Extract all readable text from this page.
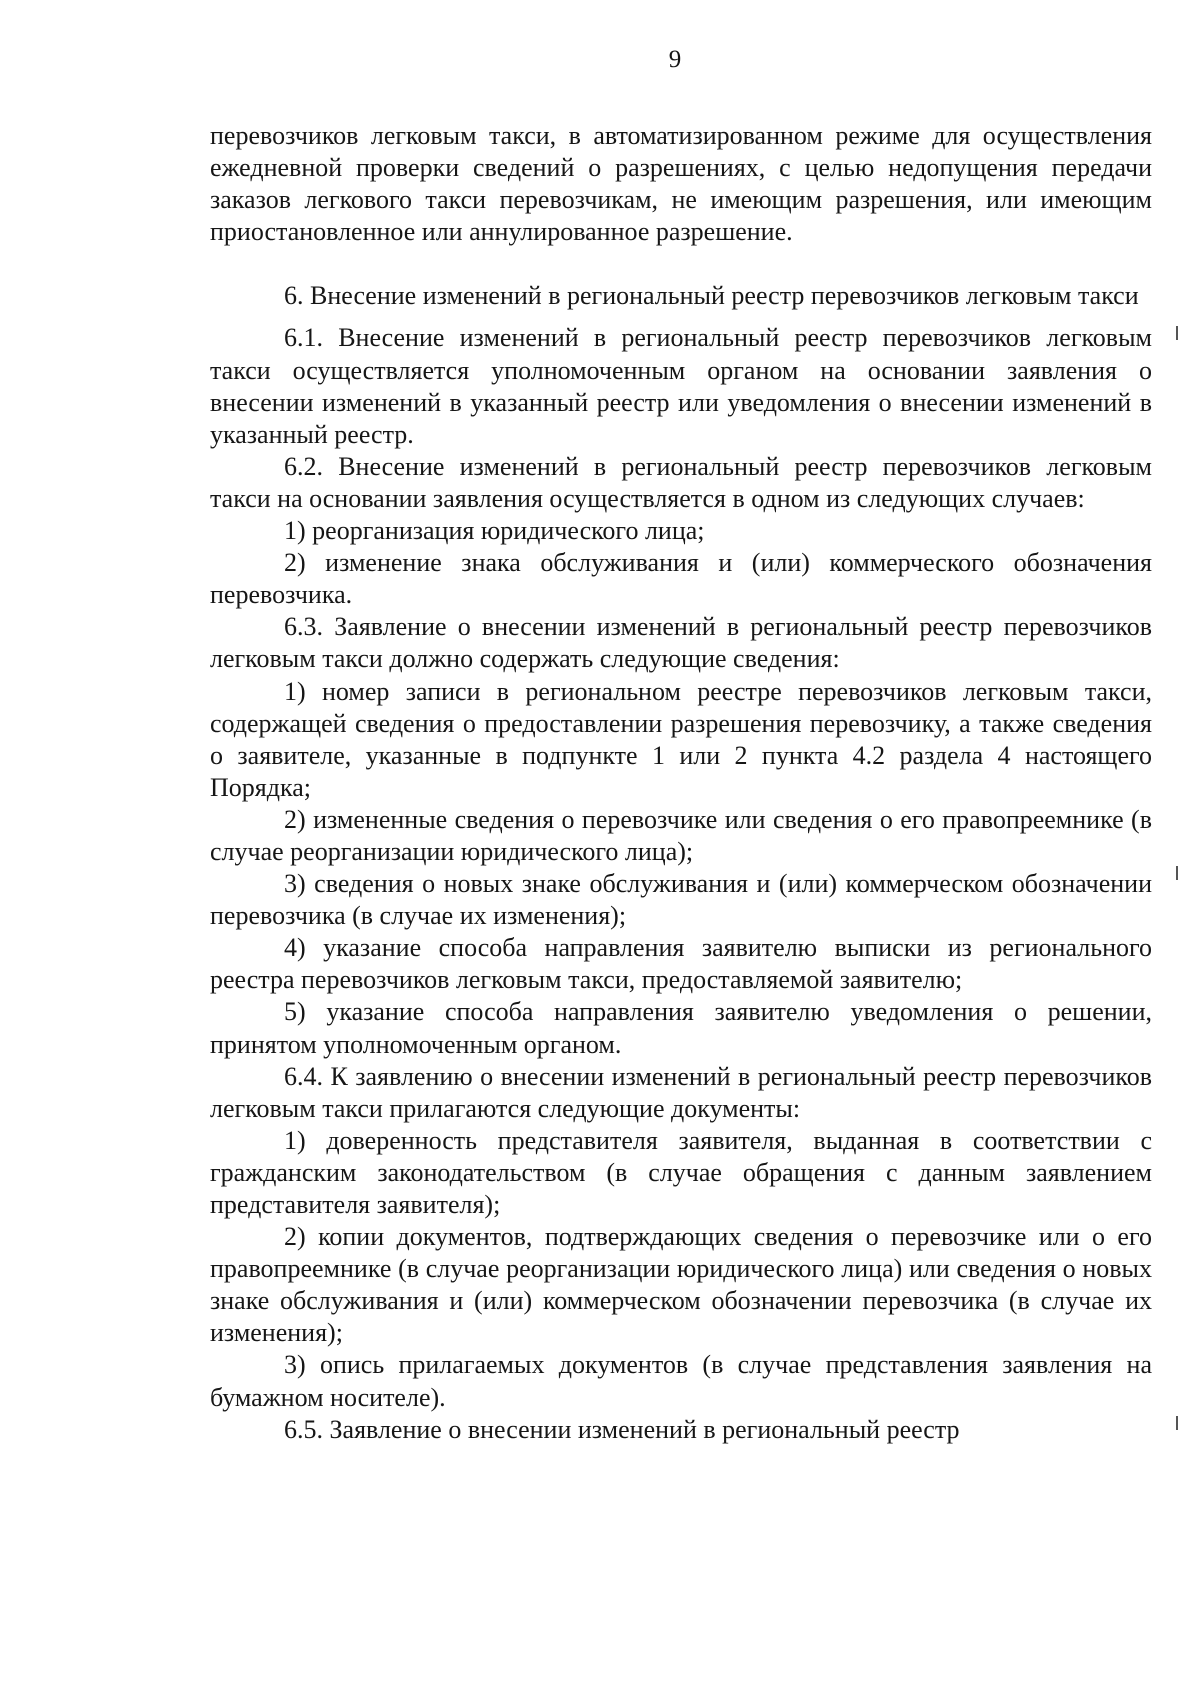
9

перевозчиков легковым такси, в автоматизированном режиме для осуществления ежедневной проверки сведений о разрешениях, с целью недопущения передачи заказов легкового такси перевозчикам, не имеющим разрешения, или имеющим приостановленное или аннулированное разрешение.

6. Внесение изменений в региональный реестр перевозчиков легковым такси

6.1. Внесение изменений в региональный реестр перевозчиков легковым такси осуществляется уполномоченным органом на основании заявления о внесении изменений в указанный реестр или уведомления о внесении изменений в указанный реестр.

6.2. Внесение изменений в региональный реестр перевозчиков легковым такси на основании заявления осуществляется в одном из следующих случаев:

1) реорганизация юридического лица;

2) изменение знака обслуживания и (или) коммерческого обозначения перевозчика.

6.3. Заявление о внесении изменений в региональный реестр перевозчиков легковым такси должно содержать следующие сведения:

1) номер записи в региональном реестре перевозчиков легковым такси, содержащей сведения о предоставлении разрешения перевозчику, а также сведения о заявителе, указанные в подпункте 1 или 2 пункта 4.2 раздела 4 настоящего Порядка;

2) измененные сведения о перевозчике или сведения о его правопреемнике (в случае реорганизации юридического лица);

3) сведения о новых знаке обслуживания и (или) коммерческом обозначении перевозчика (в случае их изменения);

4) указание способа направления заявителю выписки из регионального реестра перевозчиков легковым такси, предоставляемой заявителю;

5) указание способа направления заявителю уведомления о решении, принятом уполномоченным органом.

6.4. К заявлению о внесении изменений в региональный реестр перевозчиков легковым такси прилагаются следующие документы:

1) доверенность представителя заявителя, выданная в соответствии с гражданским законодательством (в случае обращения с данным заявлением представителя заявителя);

2) копии документов, подтверждающих сведения о перевозчике или о его правопреемнике (в случае реорганизации юридического лица) или сведения о новых знаке обслуживания и (или) коммерческом обозначении перевозчика (в случае их изменения);

3) опись прилагаемых документов (в случае представления заявления на бумажном носителе).

6.5. Заявление о внесении изменений в региональный реестр
